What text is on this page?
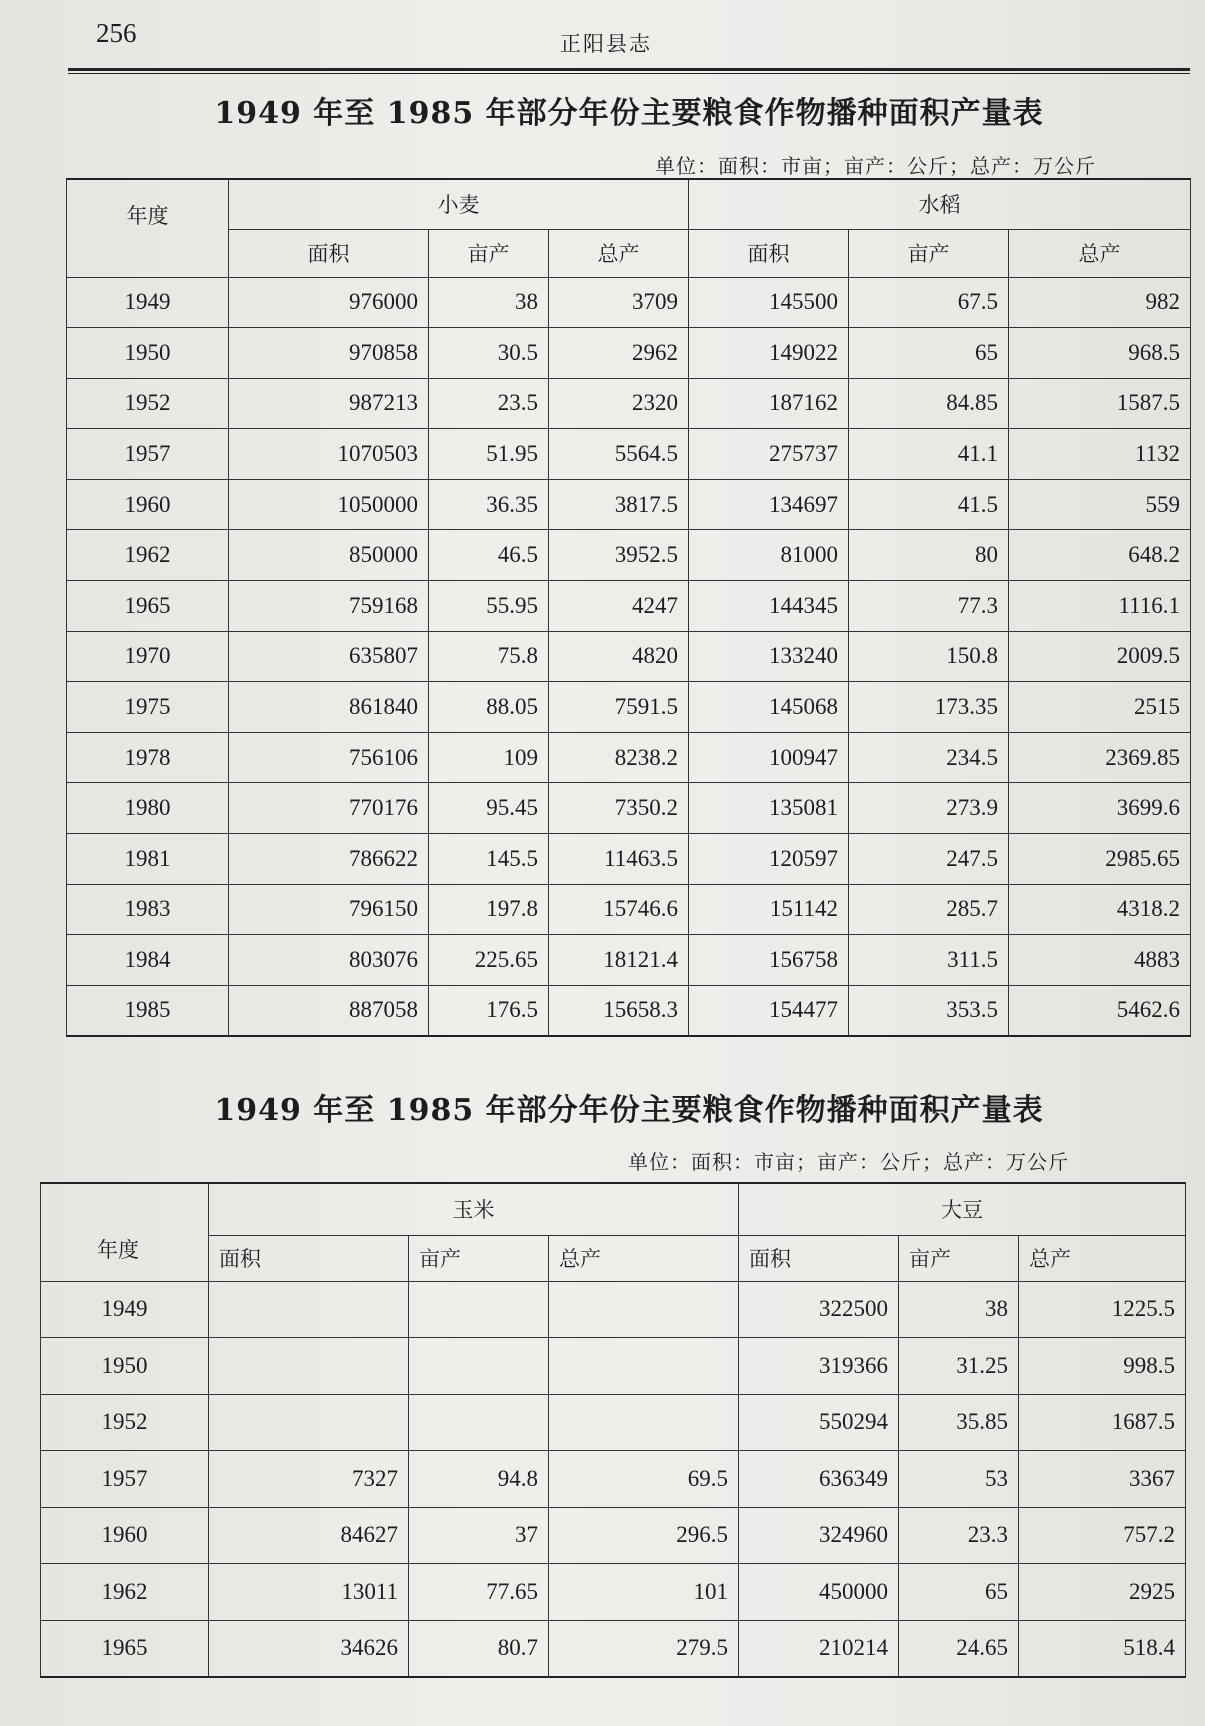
256	正阳县志
1949 年至 1985 年部分年份主要粮食作物播种面积产量表
单位：面积：市亩；亩产：公斤；总产：万公斤
年度	小麦			水稻		
	面积	亩产	总产	面积	亩产	总产
1949	976000	38	3709	145500	67.5	982
1950	970858	30.5	2962	149022	65	968.5
1952	987213	23.5	2320	187162	84.85	1587.5
1957	1070503	51.95	5564.5	275737	41.1	1132
1960	1050000	36.35	3817.5	134697	41.5	559
1962	850000	46.5	3952.5	81000	80	648.2
1965	759168	55.95	4247	144345	77.3	1116.1
1970	635807	75.8	4820	133240	150.8	2009.5
1975	861840	88.05	7591.5	145068	173.35	2515
1978	756106	109	8238.2	100947	234.5	2369.85
1980	770176	95.45	7350.2	135081	273.9	3699.6
1981	786622	145.5	11463.5	120597	247.5	2985.65
1983	796150	197.8	15746.6	151142	285.7	4318.2
1984	803076	225.65	18121.4	156758	311.5	4883
1985	887058	176.5	15658.3	154477	353.5	5462.6
1949 年至 1985 年部分年份主要粮食作物播种面积产量表
单位：面积：市亩；亩产：公斤；总产：万公斤
年度	玉米			大豆		
	面积	亩产	总产	面积	亩产	总产
1949				322500	38	1225.5
1950				319366	31.25	998.5
1952				550294	35.85	1687.5
1957	7327	94.8	69.5	636349	53	3367
1960	84627	37	296.5	324960	23.3	757.2
1962	13011	77.65	101	450000	65	2925
1965	34626	80.7	279.5	210214	24.65	518.4
